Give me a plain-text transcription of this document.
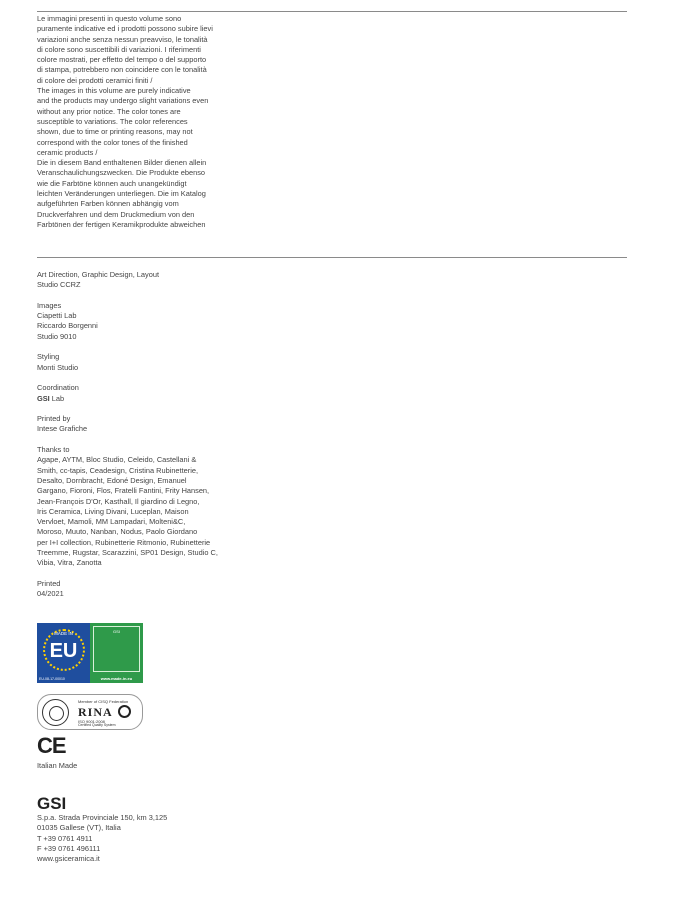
Le immagini presenti in questo volume sono
puramente indicative ed i prodotti possono subire lievi
variazioni anche senza nessun preavviso, le tonalità
di colore sono suscettibili di variazioni. I riferimenti
colore mostrati, per effetto del tempo o del supporto
di stampa, potrebbero non coincidere con le tonalità
di colore dei prodotti ceramici finiti /
The images in this volume are purely indicative
and the products may undergo slight variations even
without any prior notice. The color tones are
susceptible to variations. The color references
shown, due to time or printing reasons, may not
correspond with the color tones of the finished
ceramic products /
Die in diesem Band enthaltenen Bilder dienen allein
Veranschaulichungszwecken. Die Produkte ebenso
wie die Farbtöne können auch unangekündigt
leichten Veränderungen unterliegen. Die im Katalog
aufgeführten Farben können abhängig vom
Druckverfahren und dem Druckmedium von den
Farbtönen der fertigen Keramikprodukte abweichen
Art Direction, Graphic Design, Layout
Studio CCRZ
Images
Ciapetti Lab
Riccardo Borgenni
Studio 9010
Styling
Monti Studio
Coordination
GSI Lab
Printed by
Intese Grafiche
Thanks to
Agape, AYTM, Bloc Studio, Celeido, Castellani &
Smith, cc-tapis, Ceadesign, Cristina Rubinetterie,
Desalto, Dornbracht, Edoné Design, Emanuel
Gargano, Fioroni, Flos, Fratelli Fantini, Frity Hansen,
Jean-François D'Or, Kasthall, Il giardino di Legno,
Iris Ceramica, Living Divani, Luceplan, Maison
Vervloet, Mamoli, MM Lampadari, Molteni&C,
Moroso, Muuto, Nanban, Nodus, Paolo Giordano
per I+I collection, Rubinetterie Ritmonio, Rubinetterie
Treemme, Rugstar, Scarazzini, SP01 Design, Studio C,
Vibia, Vitra, Zanotta
Printed
04/2021
MADE IN
EU
EU-08-17-00010
GSI
www.made-in.eu
Member of CISQ Federation
RINA
ISO 9001:2008
Certified Quality System
CE
Italian Made
GSI
S.p.a. Strada Provinciale 150, km 3,125
01035 Gallese (VT), Italia
T +39 0761 4911
F +39 0761 496111
www.gsiceramica.it
